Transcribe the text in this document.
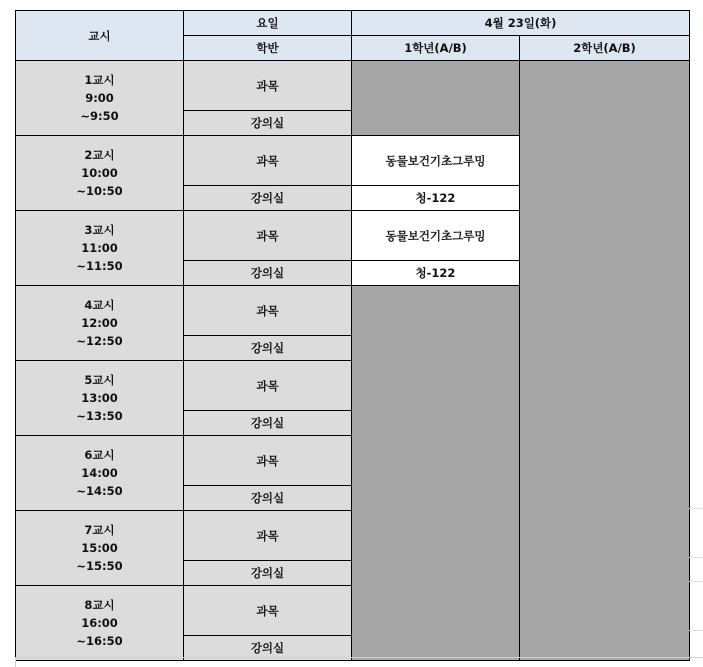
교시	요일	4월 23일(화)	
	학반	1학년(A/B)	2학년(A/B)

1교시
9:00
~9:50	과목		
	강의실		

2교시
10:00
~10:50	과목	동물보건기초그루밍	
	강의실	청-122	

3교시
11:00
~11:50	과목	동물보건기초그루밍	
	강의실	청-122	

4교시
12:00
~12:50	과목		
	강의실		

5교시
13:00
~13:50	과목		
	강의실		

6교시
14:00
~14:50	과목		
	강의실		

7교시
15:00
~15:50	과목		
	강의실		

8교시
16:00
~16:50	과목		
	강의실		
